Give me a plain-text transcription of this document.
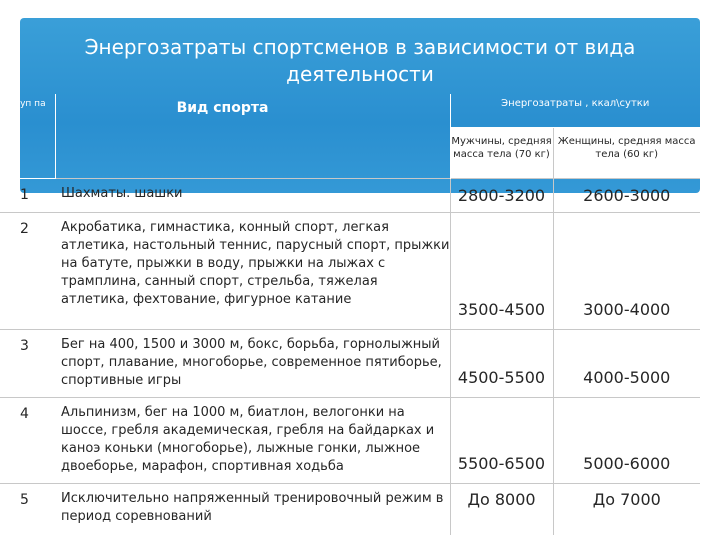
Энергозатраты спортсменов в зависимости от вида деятельности
Груп па	Вид спорта	Энергозатраты , ккал\сутки	
		Мужчины, средняя масса тела (70 кг)	Женщины, средняя масса тела (60 кг)
1	Шахматы. шашки	2800-3200	2600-3000
2	Акробатика, гимнастика, конный спорт, легкая атлетика, настольный теннис, парусный спорт, прыжки на батуте, прыжки в воду, прыжки на лыжах с трамплина, санный спорт, стрельба, тяжелая атлетика, фехтование, фигурное катание	3500-4500	3000-4000
3	Бег на 400, 1500 и 3000 м, бокс, борьба, горнолыжный спорт, плавание, многоборье, современное пятиборье, спортивные игры	4500-5500	4000-5000
4	Альпинизм, бег на 1000 м, биатлон, велогонки на шоссе, гребля академическая, гребля на байдарках и каноэ коньки (многоборье), лыжные гонки, лыжное двоеборье, марафон, спортивная ходьба	5500-6500	5000-6000
5	Исключительно напряженный тренировочный режим в период соревнований	До 8000	До 7000
